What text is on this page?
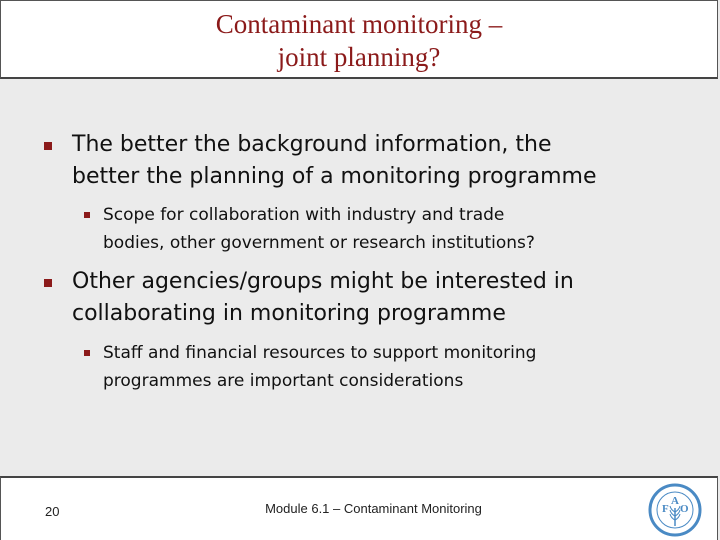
Contaminant monitoring –
joint planning?
The better the background information, the
better the planning of a monitoring programme
Scope for collaboration with industry and trade
bodies, other government or research institutions?
Other agencies/groups might be interested in
collaborating in monitoring programme
Staff and financial resources to support monitoring
programmes are important considerations
20	Module 6.1 – Contaminant Monitoring	F
A
O
